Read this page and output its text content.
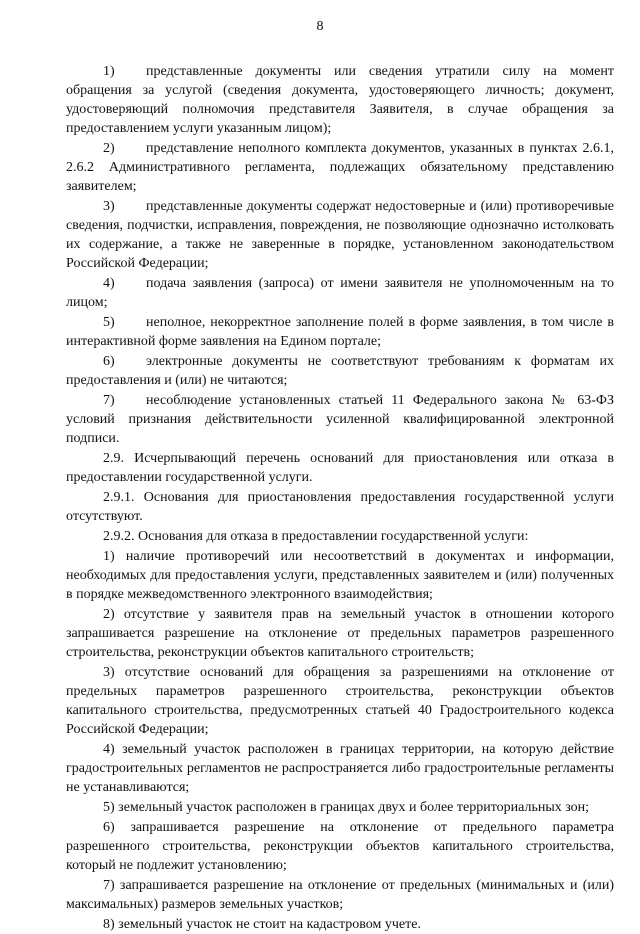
8

1) представленные документы или сведения утратили силу на момент обращения за услугой (сведения документа, удостоверяющего личность; документ, удостоверяющий полномочия представителя Заявителя, в случае обращения за предоставлением услуги указанным лицом);

2) представление неполного комплекта документов, указанных в пунктах 2.6.1, 2.6.2 Административного регламента, подлежащих обязательному представлению заявителем;

3) представленные документы содержат недостоверные и (или) противоречивые сведения, подчистки, исправления, повреждения, не позволяющие однозначно истолковать их содержание, а также не заверенные в порядке, установленном законодательством Российской Федерации;

4) подача заявления (запроса) от имени заявителя не уполномоченным на то лицом;

5) неполное, некорректное заполнение полей в форме заявления, в том числе в интерактивной форме заявления на Едином портале;

6) электронные документы не соответствуют требованиям к форматам их предоставления и (или) не читаются;

7) несоблюдение установленных статьей 11 Федерального закона № 63-ФЗ условий признания действительности усиленной квалифицированной электронной подписи.

2.9. Исчерпывающий перечень оснований для приостановления или отказа в предоставлении государственной услуги.

2.9.1. Основания для приостановления предоставления государственной услуги отсутствуют.

2.9.2. Основания для отказа в предоставлении государственной услуги:

1) наличие противоречий или несоответствий в документах и информации, необходимых для предоставления услуги, представленных заявителем и (или) полученных в порядке межведомственного электронного взаимодействия;

2) отсутствие у заявителя прав на земельный участок в отношении которого запрашивается разрешение на отклонение от предельных параметров разрешенного строительства, реконструкции объектов капитального строительств;

3) отсутствие оснований для обращения за разрешениями на отклонение от предельных параметров разрешенного строительства, реконструкции объектов капитального строительства, предусмотренных статьей 40 Градостроительного кодекса Российской Федерации;

4) земельный участок расположен в границах территории, на которую действие градостроительных регламентов не распространяется либо градостроительные регламенты не устанавливаются;

5) земельный участок расположен в границах двух и более территориальных зон;

6) запрашивается разрешение на отклонение от предельного параметра разрешенного строительства, реконструкции объектов капитального строительства, который не подлежит установлению;

7) запрашивается разрешение на отклонение от предельных (минимальных и (или) максимальных) размеров земельных участков;

8) земельный участок не стоит на кадастровом учете.
